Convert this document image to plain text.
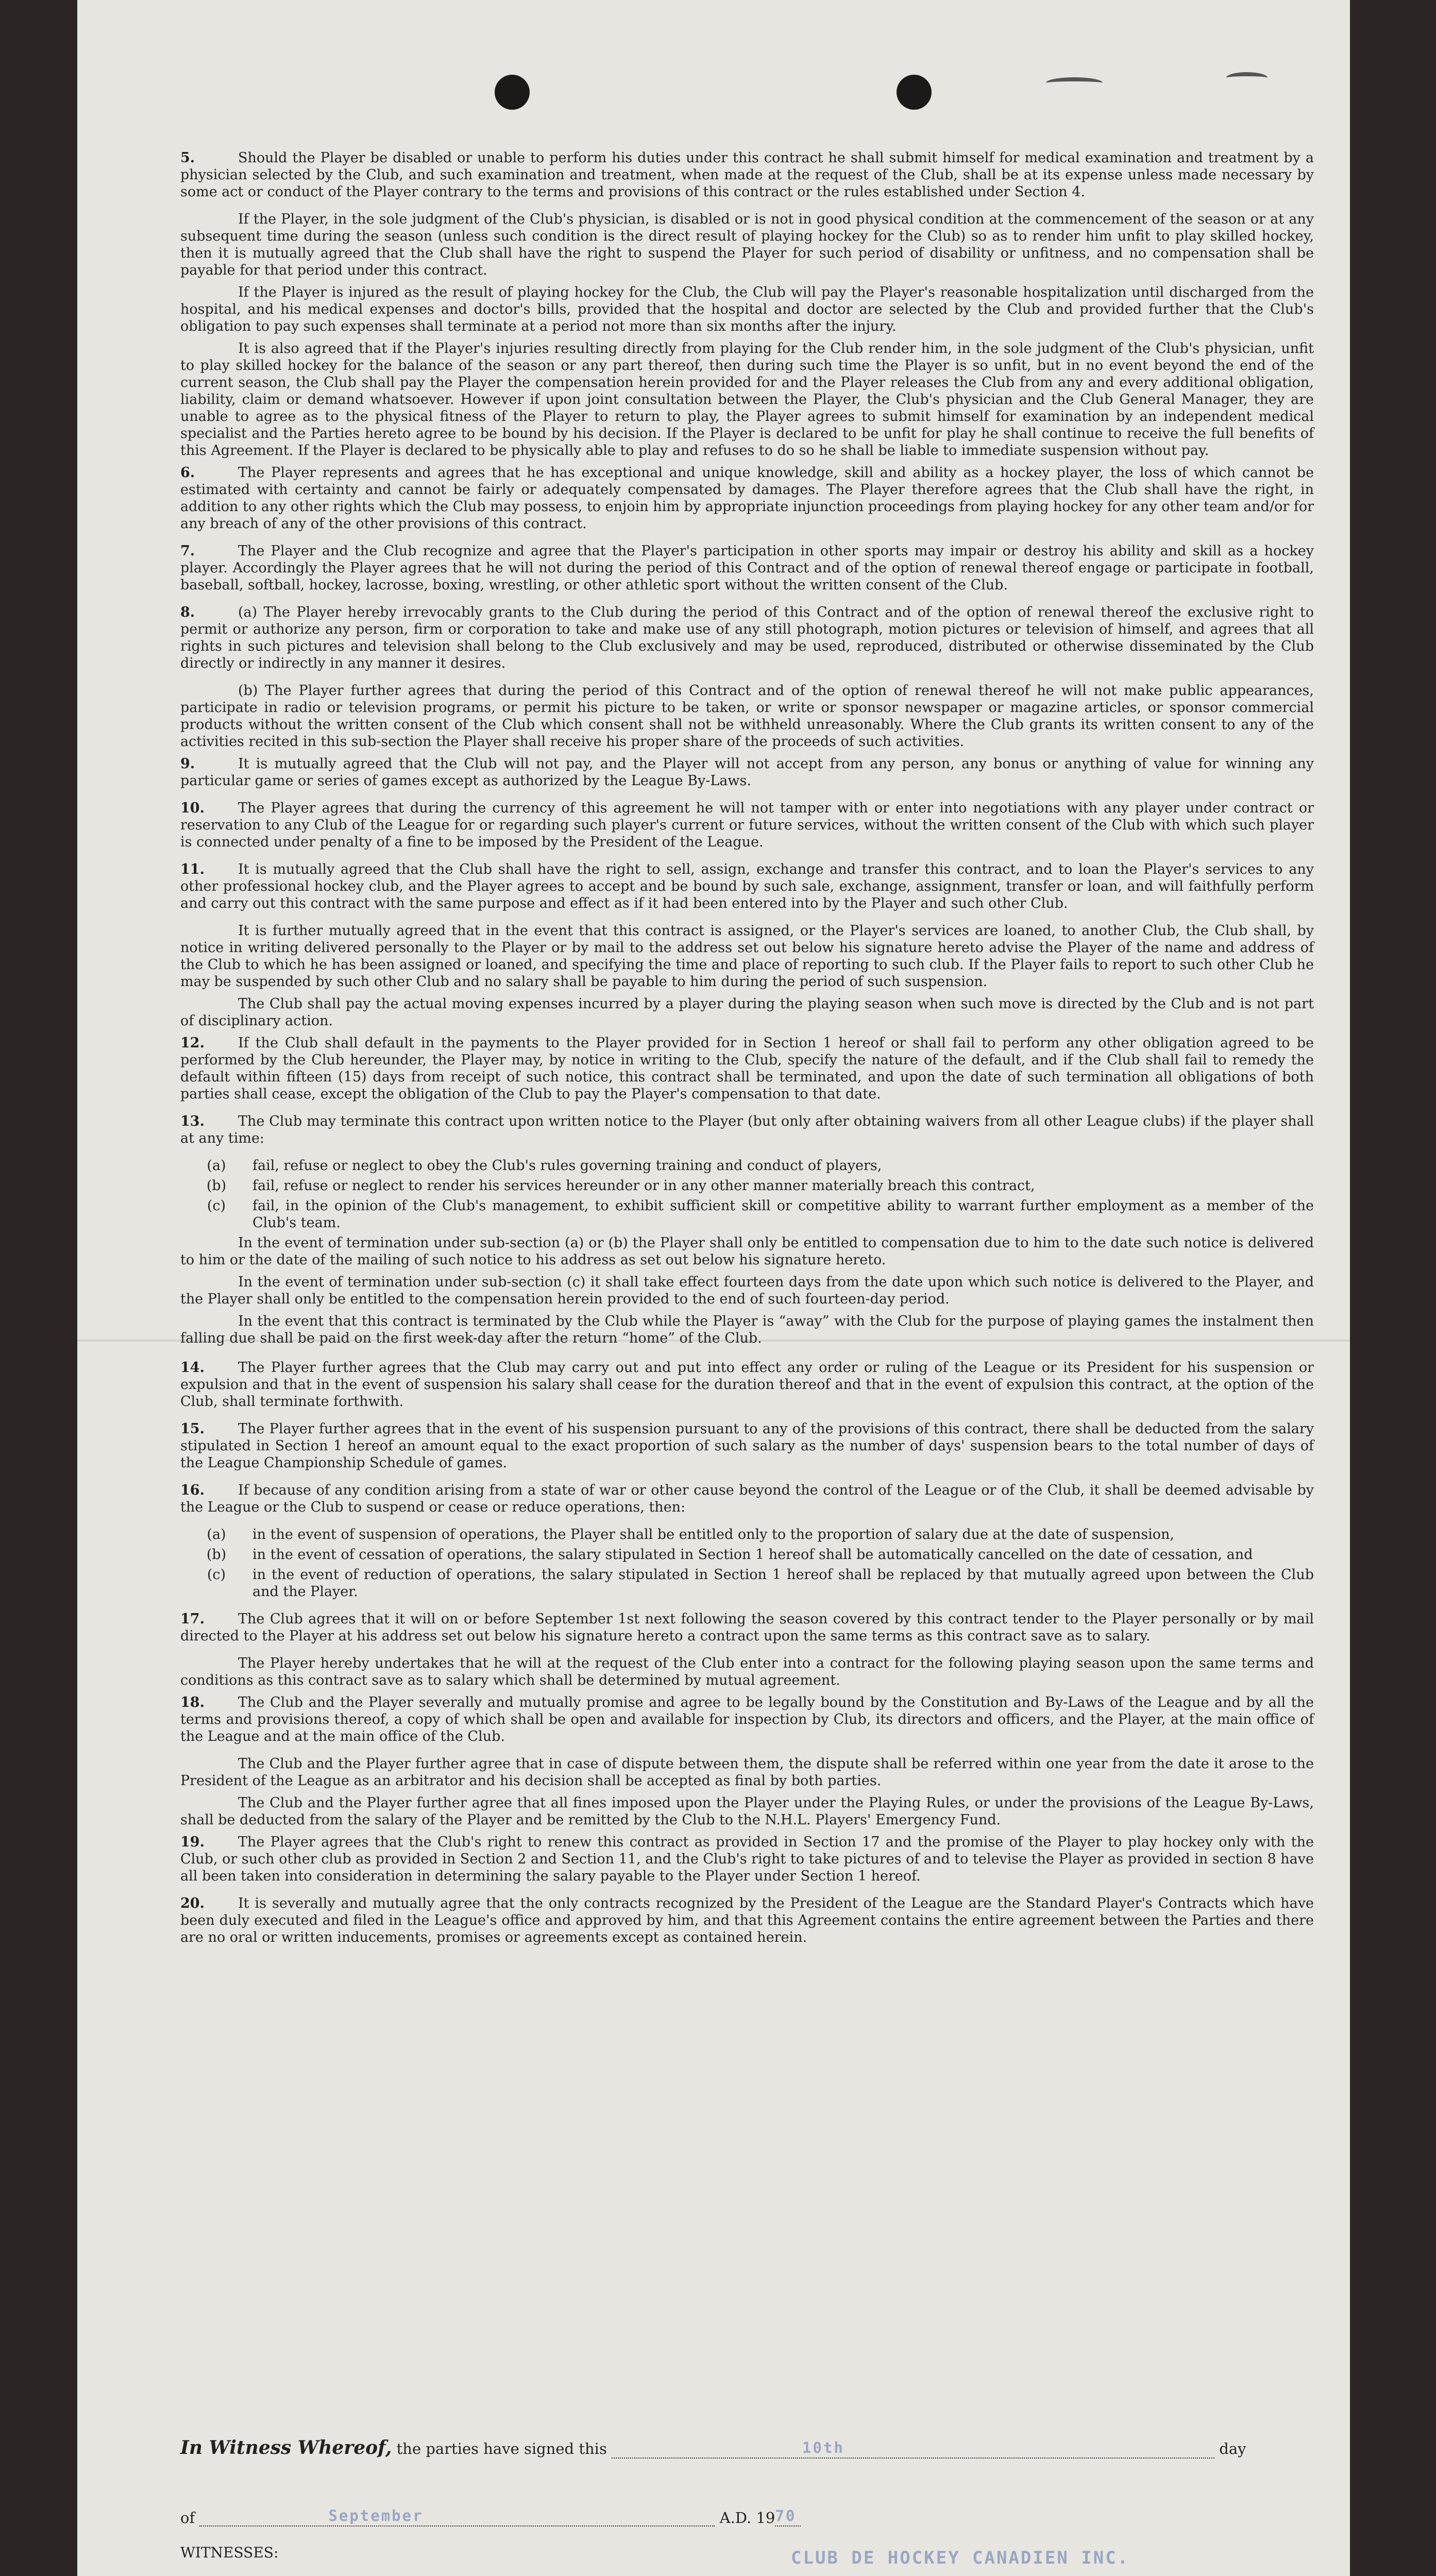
5.	Should the Player be disabled or unable to perform his duties under this contract he shall submit himself for medical examination and treatment by a physician selected by the Club, and such examination and treatment, when made at the request of the Club, shall be at its expense unless made necessary by some act or conduct of the Player contrary to the terms and provisions of this contract or the rules established under Section 4.

If the Player, in the sole judgment of the Club's physician, is disabled or is not in good physical condition at the commencement of the season or at any subsequent time during the season (unless such condition is the direct result of playing hockey for the Club) so as to render him unfit to play skilled hockey, then it is mutually agreed that the Club shall have the right to suspend the Player for such period of disability or unfitness, and no compensation shall be payable for that period under this contract.

If the Player is injured as the result of playing hockey for the Club, the Club will pay the Player's reasonable hospitalization until discharged from the hospital, and his medical expenses and doctor's bills, provided that the hospital and doctor are selected by the Club and provided further that the Club's obligation to pay such expenses shall terminate at a period not more than six months after the injury.

It is also agreed that if the Player's injuries resulting directly from playing for the Club render him, in the sole judgment of the Club's physician, unfit to play skilled hockey for the balance of the season or any part thereof, then during such time the Player is so unfit, but in no event beyond the end of the current season, the Club shall pay the Player the compensation herein provided for and the Player releases the Club from any and every additional obligation, liability, claim or demand whatsoever. However if upon joint consultation between the Player, the Club's physician and the Club General Manager, they are unable to agree as to the physical fitness of the Player to return to play, the Player agrees to submit himself for examination by an independent medical specialist and the Parties hereto agree to be bound by his decision. If the Player is declared to be unfit for play he shall continue to receive the full benefits of this Agreement. If the Player is declared to be physically able to play and refuses to do so he shall be liable to immediate suspension without pay.

6.	The Player represents and agrees that he has exceptional and unique knowledge, skill and ability as a hockey player, the loss of which cannot be estimated with certainty and cannot be fairly or adequately compensated by damages. The Player therefore agrees that the Club shall have the right, in addition to any other rights which the Club may possess, to enjoin him by appropriate injunction proceedings from playing hockey for any other team and/or for any breach of any of the other provisions of this contract.

7.	The Player and the Club recognize and agree that the Player's participation in other sports may impair or destroy his ability and skill as a hockey player. Accordingly the Player agrees that he will not during the period of this Contract and of the option of renewal thereof engage or participate in football, baseball, softball, hockey, lacrosse, boxing, wrestling, or other athletic sport without the written consent of the Club.

8.	(a) The Player hereby irrevocably grants to the Club during the period of this Contract and of the option of renewal thereof the exclusive right to permit or authorize any person, firm or corporation to take and make use of any still photograph, motion pictures or television of himself, and agrees that all rights in such pictures and television shall belong to the Club exclusively and may be used, reproduced, distributed or otherwise disseminated by the Club directly or indirectly in any manner it desires.

(b) The Player further agrees that during the period of this Contract and of the option of renewal thereof he will not make public appearances, participate in radio or television programs, or permit his picture to be taken, or write or sponsor newspaper or magazine articles, or sponsor commercial products without the written consent of the Club which consent shall not be withheld unreasonably. Where the Club grants its written consent to any of the activities recited in this sub-section the Player shall receive his proper share of the proceeds of such activities.

9.	It is mutually agreed that the Club will not pay, and the Player will not accept from any person, any bonus or anything of value for winning any particular game or series of games except as authorized by the League By-Laws.

10. The Player agrees that during the currency of this agreement he will not tamper with or enter into negotiations with any player under contract or reservation to any Club of the League for or regarding such player's current or future services, without the written consent of the Club with which such player is connected under penalty of a fine to be imposed by the President of the League.

11. It is mutually agreed that the Club shall have the right to sell, assign, exchange and transfer this contract, and to loan the Player's services to any other professional hockey club, and the Player agrees to accept and be bound by such sale, exchange, assignment, transfer or loan, and will faithfully perform and carry out this contract with the same purpose and effect as if it had been entered into by the Player and such other Club.

It is further mutually agreed that in the event that this contract is assigned, or the Player's services are loaned, to another Club, the Club shall, by notice in writing delivered personally to the Player or by mail to the address set out below his signature hereto advise the Player of the name and address of the Club to which he has been assigned or loaned, and specifying the time and place of reporting to such club. If the Player fails to report to such other Club he may be suspended by such other Club and no salary shall be payable to him during the period of such suspension.

The Club shall pay the actual moving expenses incurred by a player during the playing season when such move is directed by the Club and is not part of disciplinary action.

12. If the Club shall default in the payments to the Player provided for in Section 1 hereof or shall fail to perform any other obligation agreed to be performed by the Club hereunder, the Player may, by notice in writing to the Club, specify the nature of the default, and if the Club shall fail to remedy the default within fifteen (15) days from receipt of such notice, this contract shall be terminated, and upon the date of such termination all obligations of both parties shall cease, except the obligation of the Club to pay the Player's compensation to that date.

13. The Club may terminate this contract upon written notice to the Player (but only after obtaining waivers from all other League clubs) if the player shall at any time:

(a)	fail, refuse or neglect to obey the Club's rules governing training and conduct of players,
(b)	fail, refuse or neglect to render his services hereunder or in any other manner materially breach this contract,
(c)	fail, in the opinion of the Club's management, to exhibit sufficient skill or competitive ability to warrant further employment as a member of the Club's team.

In the event of termination under sub-section (a) or (b) the Player shall only be entitled to compensation due to him to the date such notice is delivered to him or the date of the mailing of such notice to his address as set out below his signature hereto.

In the event of termination under sub-section (c) it shall take effect fourteen days from the date upon which such notice is delivered to the Player, and the Player shall only be entitled to the compensation herein provided to the end of such fourteen-day period.

In the event that this contract is terminated by the Club while the Player is “away” with the Club for the purpose of playing games the instalment then falling due shall be paid on the first week-day after the return “home” of the Club.

14. The Player further agrees that the Club may carry out and put into effect any order or ruling of the League or its President for his suspension or expulsion and that in the event of suspension his salary shall cease for the duration thereof and that in the event of expulsion this contract, at the option of the Club, shall terminate forthwith.

15. The Player further agrees that in the event of his suspension pursuant to any of the provisions of this contract, there shall be deducted from the salary stipulated in Section 1 hereof an amount equal to the exact proportion of such salary as the number of days' suspension bears to the total number of days of the League Championship Schedule of games.

16. If because of any condition arising from a state of war or other cause beyond the control of the League or of the Club, it shall be deemed advisable by the League or the Club to suspend or cease or reduce operations, then:

(a)	in the event of suspension of operations, the Player shall be entitled only to the proportion of salary due at the date of suspension,
(b)	in the event of cessation of operations, the salary stipulated in Section 1 hereof shall be automatically cancelled on the date of cessation, and
(c)	in the event of reduction of operations, the salary stipulated in Section 1 hereof shall be replaced by that mutually agreed upon between the Club and the Player.

17. The Club agrees that it will on or before September 1st next following the season covered by this contract tender to the Player personally or by mail directed to the Player at his address set out below his signature hereto a contract upon the same terms as this contract save as to salary.

The Player hereby undertakes that he will at the request of the Club enter into a contract for the following playing season upon the same terms and conditions as this contract save as to salary which shall be determined by mutual agreement.

18. The Club and the Player severally and mutually promise and agree to be legally bound by the Constitution and By-Laws of the League and by all the terms and provisions thereof, a copy of which shall be open and available for inspection by Club, its directors and officers, and the Player, at the main office of the League and at the main office of the Club.

The Club and the Player further agree that in case of dispute between them, the dispute shall be referred within one year from the date it arose to the President of the League as an arbitrator and his decision shall be accepted as final by both parties.

The Club and the Player further agree that all fines imposed upon the Player under the Playing Rules, or under the provisions of the League By-Laws, shall be deducted from the salary of the Player and be remitted by the Club to the N.H.L. Players' Emergency Fund.

19. The Player agrees that the Club's right to renew this contract as provided in Section 17 and the promise of the Player to play hockey only with the Club, or such other club as provided in Section 2 and Section 11, and the Club's right to take pictures of and to televise the Player as provided in section 8 have all been taken into consideration in determining the salary payable to the Player under Section 1 hereof.

20. It is severally and mutually agree that the only contracts recognized by the President of the League are the Standard Player's Contracts which have been duly executed and filed in the League's office and approved by him, and that this Agreement contains the entire agreement between the Parties and there are no oral or written inducements, promises or agreements except as contained herein.

In Witness Whereof, the parties have signed this	10th	day
of	September	A.D. 19 70
WITNESSES:	CLUB DE HOCKEY CANADIEN INC.
